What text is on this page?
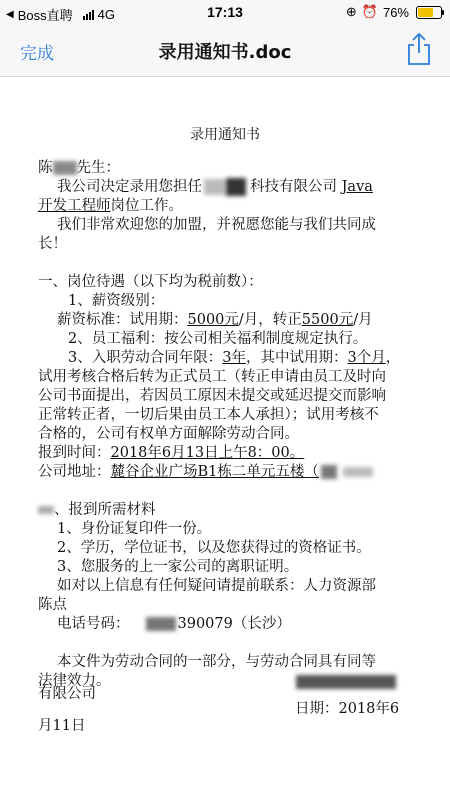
◀ Boss直聘 4G	17:13	⊕ ⏰ 76%
完成	录用通知书.doc
录用通知书
陈 先生：
我公司决定录用您担任	科技有限公司 Java
开发工程师岗位工作。
我们非常欢迎您的加盟，并祝愿您能与我们共同成
长！
一、岗位待遇（以下均为税前数）：
1、薪资级别：
薪资标准：试用期：5000元/月，转正5500元/月
2、员工福利：按公司相关福利制度规定执行。
3、入职劳动合同年限：3年，其中试用期：3个月，
试用考核合格后转为正式员工（转正申请由员工及时向
公司书面提出，若因员工原因未提交或延迟提交而影响
正常转正者，一切后果由员工本人承担）；试用考核不
合格的，公司有权单方面解除劳动合同。
报到时间：2018年6月13日上午8：00。
公司地址：麓谷企业广场B1栋二单元五楼（
、报到所需材料
1、身份证复印件一份。
2、学历，学位证书，以及您获得过的资格证书。
3、您服务的上一家公司的离职证明。
如对以上信息有任何疑问请提前联系：人力资源部
陈点
电话号码：	390079（长沙）
本文件为劳动合同的一部分，与劳动合同具有同等
法律效力。
有限公司
日期：2018年6
月11日
